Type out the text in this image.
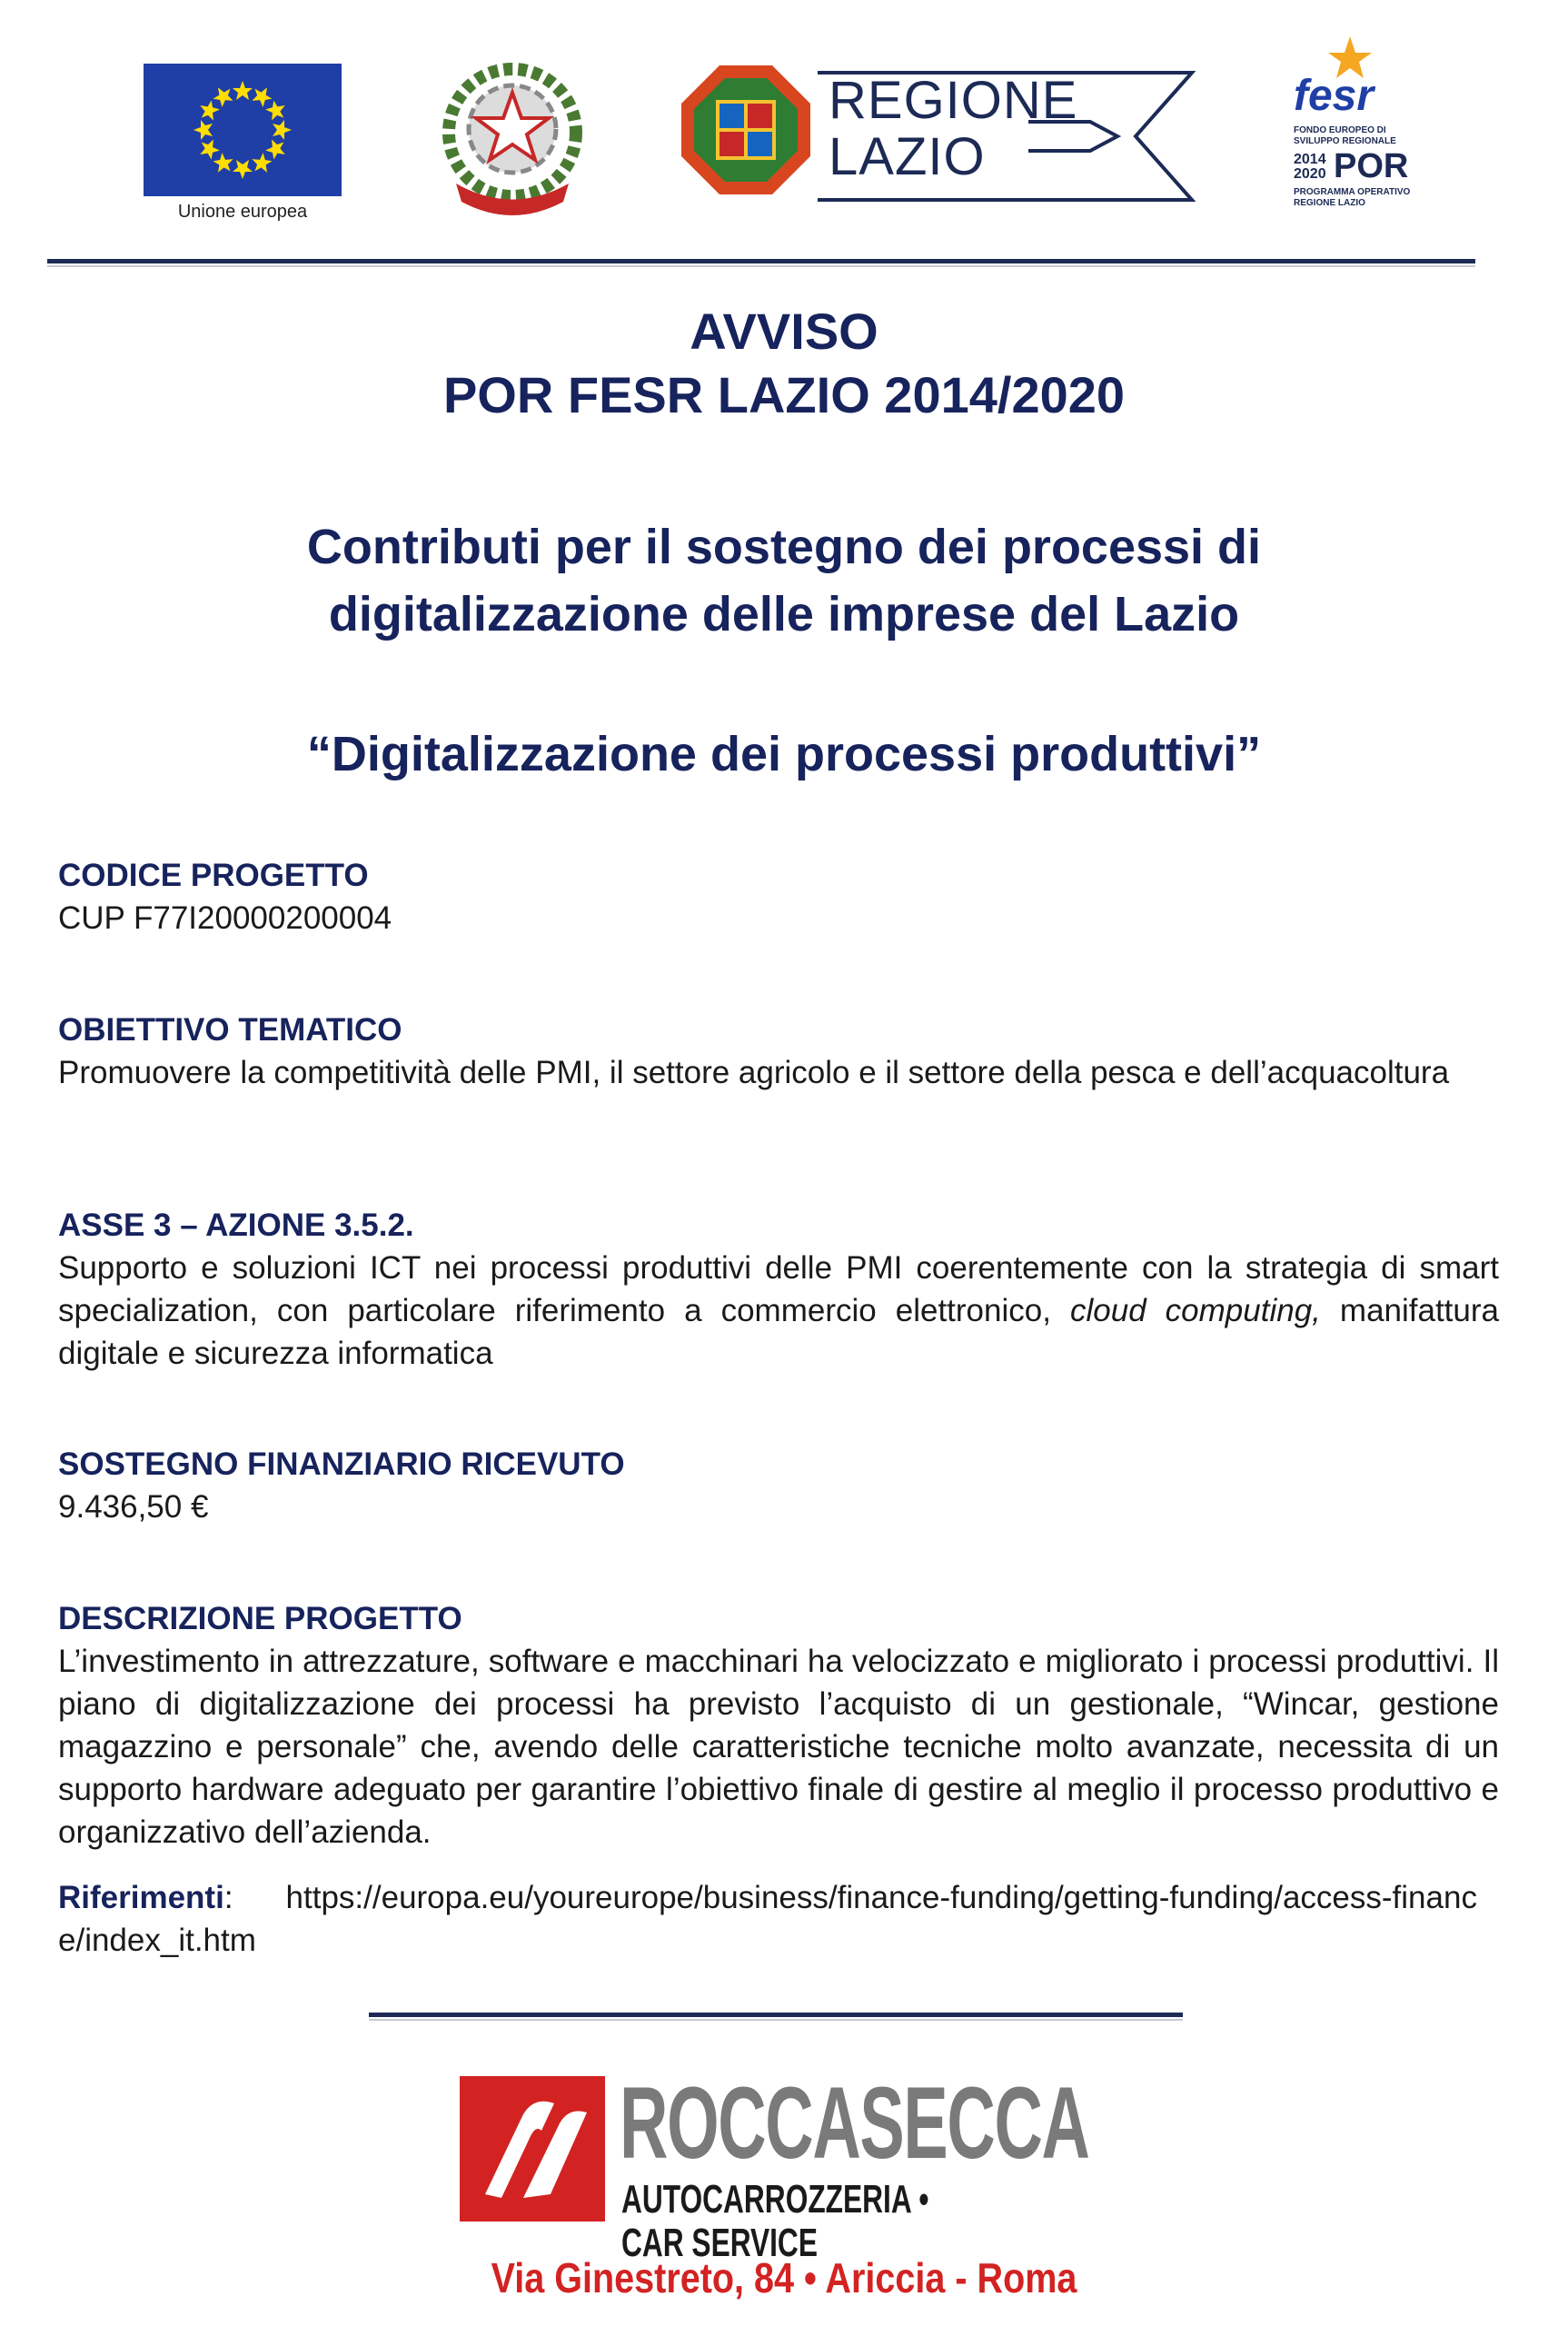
Unione europea
REGIONE
LAZIO
fesr
FONDO EUROPEO DI
SVILUPPO REGIONALE
2014
2020 POR
PROGRAMMA OPERATIVO
REGIONE LAZIO
AVVISO
POR FESR LAZIO 2014/2020
Contributi per il sostegno dei processi di
digitalizzazione delle imprese del Lazio
“Digitalizzazione dei processi produttivi”
CODICE PROGETTO
CUP F77I20000200004
OBIETTIVO TEMATICO
Promuovere la competitività delle PMI, il settore agricolo e il settore della pesca e dell’acquacoltura
ASSE 3 – AZIONE 3.5.2.
Supporto e soluzioni ICT nei processi produttivi delle PMI coerentemente con la strategia di smart specialization, con particolare riferimento a commercio elettronico, cloud computing, manifattura digitale e sicurezza informatica
SOSTEGNO FINANZIARIO RICEVUTO
9.436,50 €
DESCRIZIONE PROGETTO
L’investimento in attrezzature, software e macchinari ha velocizzato e migliorato i processi produttivi. Il piano di digitalizzazione dei processi ha previsto l’acquisto di un gestionale, “Wincar, gestione magazzino e personale” che, avendo delle caratteristiche tecniche molto avanzate, necessita di un supporto hardware adeguato per garantire l’obiettivo finale di gestire al meglio il processo produttivo e organizzativo dell’azienda.
Riferimenti: https://europa.eu/youreurope/business/finance-funding/getting-funding/access-finance/index_it.htm
ROCCASECCA
AUTOCARROZZERIA • CAR SERVICE
Via Ginestreto, 84 • Ariccia - Roma
